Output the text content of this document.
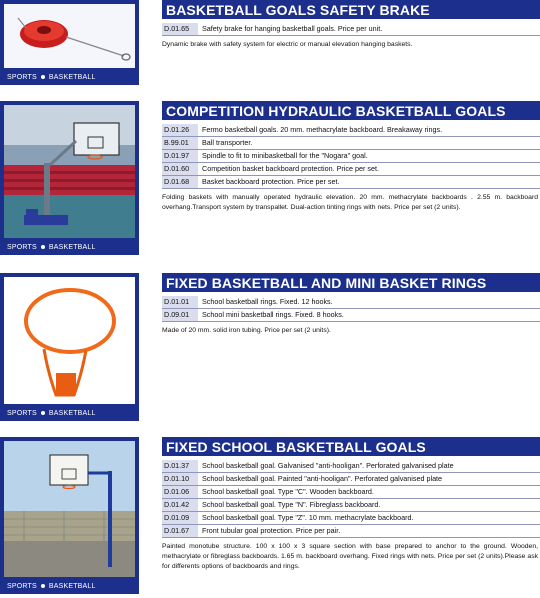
SPORTS BASKETBALL
BASKETBALL GOALS SAFETY BRAKE
D.01.65	Safety brake for hanging basketball goals. Price per unit.
Dynamic brake with safety system for electric or manual elevation hanging baskets.
SPORTS BASKETBALL
COMPETITION HYDRAULIC BASKETBALL GOALS
D.01.26	Fermo basketball goals. 20 mm. methacrylate backboard. Breakaway rings.
B.99.01	Ball transporter.
D.01.97	Spindle to fit to minibasketball for the "Nogara" goal.
D.01.60	Competition basket backboard protection. Price per set.
D.01.68	Basket backboard protection. Price per set.
Folding baskets with manually operated hydraulic elevation. 20 mm. methacrylate backboards . 2.55 m. backboard overhang.Transport system by transpallet. Dual-action tinting rings with nets. Price per set (2 units).
SPORTS BASKETBALL
FIXED BASKETBALL AND MINI BASKET RINGS
D.01.01	School basketball rings. Fixed. 12 hooks.
D.09.01	School mini basketball rings. Fixed. 8 hooks.
Made of 20 mm. solid iron tubing. Price per set (2 units).
SPORTS BASKETBALL
FIXED SCHOOL BASKETBALL GOALS
D.01.37	School basketball goal. Galvanised "anti-hooligan". Perforated galvanised plate
D.01.10	School basketball goal. Painted "anti-hooligan". Perforated galvanised plate
D.01.06	School basketball goal. Type "C". Wooden backboard.
D.01.42	School basketball goal. Type "N". Fibreglass backboard.
D.01.09	School basketball goal. Type "Z". 10 mm. methacrylate backboard.
D.01.67	Front tubular goal protection. Price per pair.
Painted monotube structure. 100 x 100 x 3 square section with base prepared to anchor to the ground. Wooden, methacrylate or fibreglass backboards. 1.65 m. backboard overhang. Fixed rings with nets. Price per set (2 units).Please ask for differents options of backboards and rings.
